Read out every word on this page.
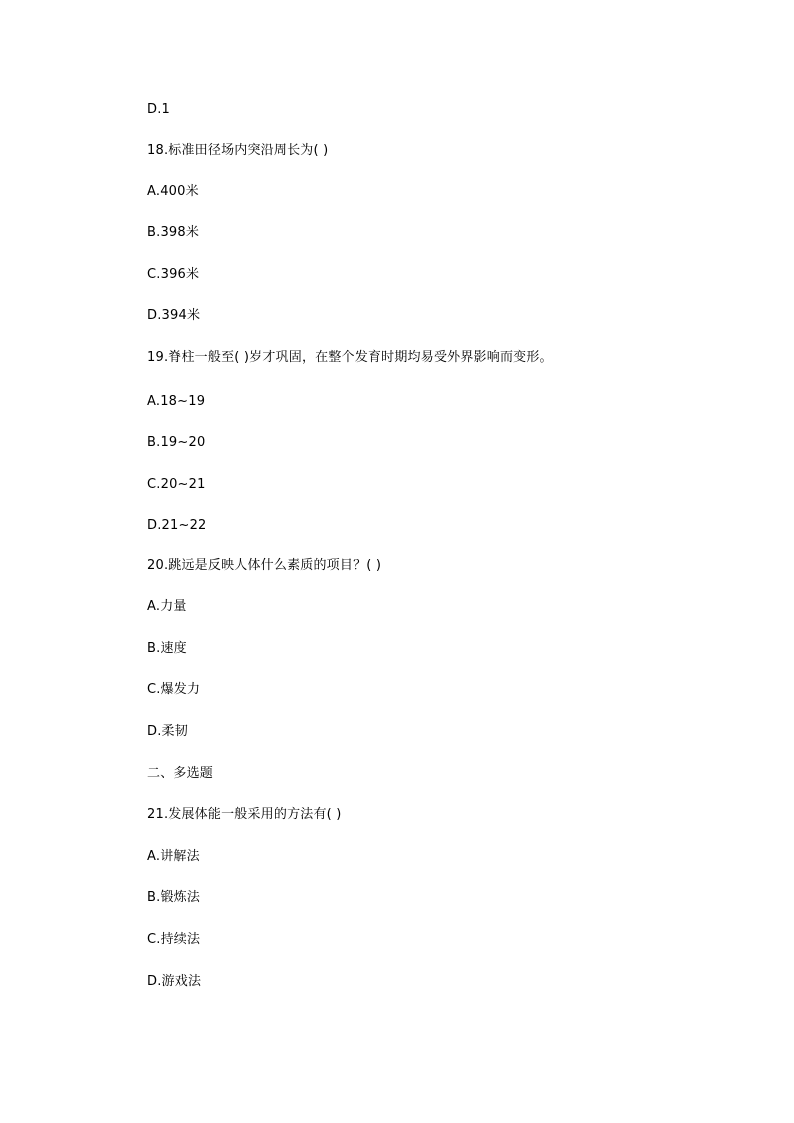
D.1
18.标准田径场内突沿周长为( )
A.400米
B.398米
C.396米
D.394米
19.脊柱一般至( )岁才巩固，在整个发育时期均易受外界影响而变形。
A.18~19
B.19~20
C.20~21
D.21~22
20.跳远是反映人体什么素质的项目？( )
A.力量
B.速度
C.爆发力
D.柔韧
二、多选题
21.发展体能一般采用的方法有( )
A.讲解法
B.锻炼法
C.持续法
D.游戏法
